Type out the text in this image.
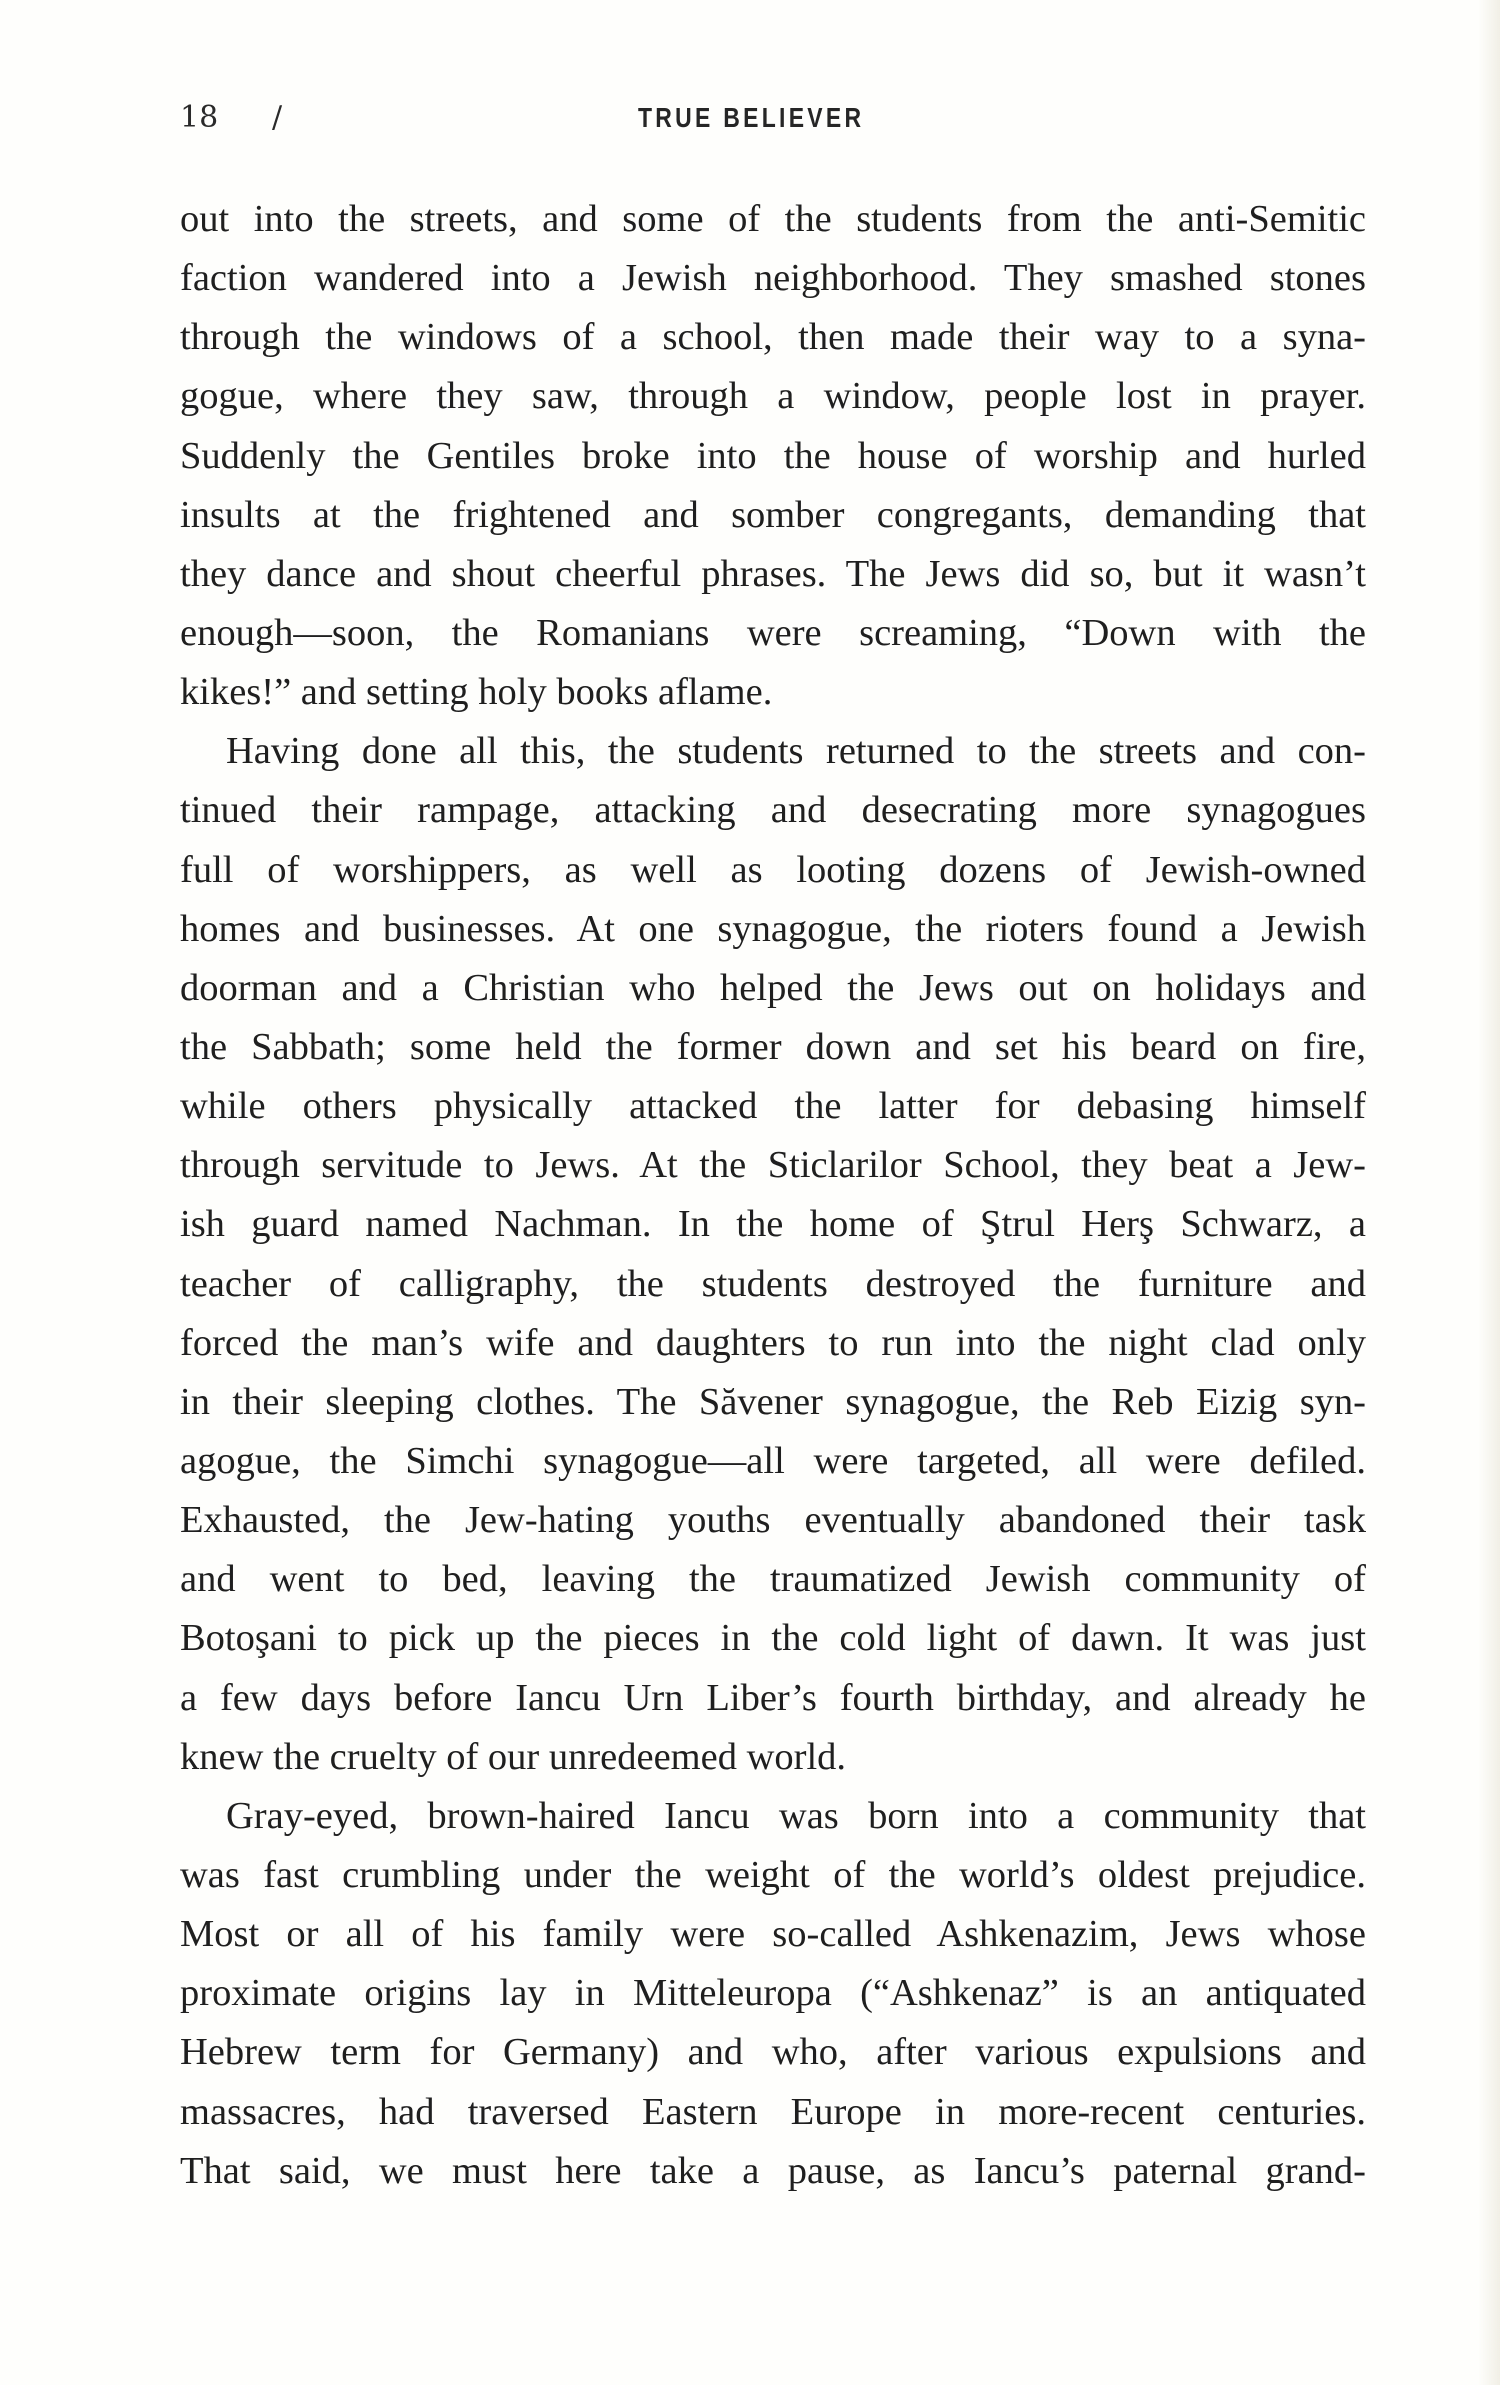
18 /	TRUE BELIEVER
out into the streets, and some of the students from the anti-Semitic
faction wandered into a Jewish neighborhood. They smashed stones
through the windows of a school, then made their way to a syna-
gogue, where they saw, through a window, people lost in prayer.
Suddenly the Gentiles broke into the house of worship and hurled
insults at the frightened and somber congregants, demanding that
they dance and shout cheerful phrases. The Jews did so, but it wasn’t
enough—soon, the Romanians were screaming, “Down with the
kikes!” and setting holy books aflame.
Having done all this, the students returned to the streets and con-
tinued their rampage, attacking and desecrating more synagogues
full of worshippers, as well as looting dozens of Jewish-owned
homes and businesses. At one synagogue, the rioters found a Jewish
doorman and a Christian who helped the Jews out on holidays and
the Sabbath; some held the former down and set his beard on fire,
while others physically attacked the latter for debasing himself
through servitude to Jews. At the Sticlarilor School, they beat a Jew-
ish guard named Nachman. In the home of Ştrul Herş Schwarz, a
teacher of calligraphy, the students destroyed the furniture and
forced the man’s wife and daughters to run into the night clad only
in their sleeping clothes. The Săvener synagogue, the Reb Eizig syn-
agogue, the Simchi synagogue—all were targeted, all were defiled.
Exhausted, the Jew-hating youths eventually abandoned their task
and went to bed, leaving the traumatized Jewish community of
Botoşani to pick up the pieces in the cold light of dawn. It was just
a few days before Iancu Urn Liber’s fourth birthday, and already he
knew the cruelty of our unredeemed world.
Gray-eyed, brown-haired Iancu was born into a community that
was fast crumbling under the weight of the world’s oldest prejudice.
Most or all of his family were so-called Ashkenazim, Jews whose
proximate origins lay in Mitteleuropa (“Ashkenaz” is an antiquated
Hebrew term for Germany) and who, after various expulsions and
massacres, had traversed Eastern Europe in more-recent centuries.
That said, we must here take a pause, as Iancu’s paternal grand-
